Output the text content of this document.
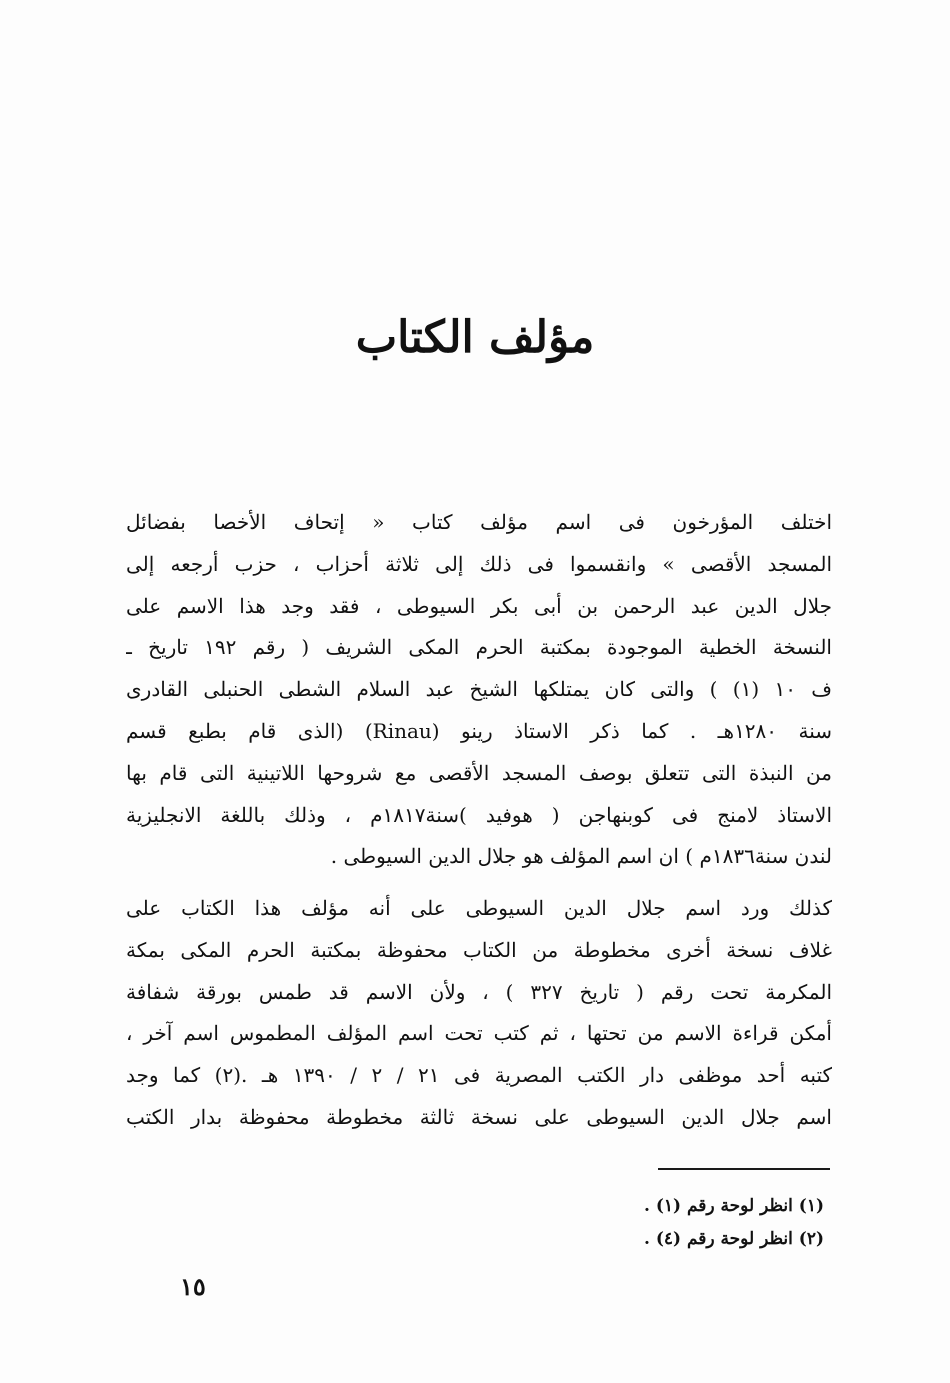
مؤلف الكتاب
اختلف المؤرخون فى اسم مؤلف كتاب « إتحاف الأخصا بفضائل
المسجد الأقصى » وانقسموا فى ذلك إلى ثلاثة أحزاب ، حزب أرجعه إلى
جلال الدين عبد الرحمن بن أبى بكر السيوطى ، فقد وجد هذا الاسم على
النسخة الخطية الموجودة بمكتبة الحرم المكى الشريف ( رقم ١٩٢ تاريخ ـ
ف ١٠ (١) ) والتى كان يمتلكها الشيخ عبد السلام الشطى الحنبلى القادرى
سنة ١٢٨٠هـ . كما ذكر الاستاذ رينو (Rinau) (الذى قام بطبع قسم
من النبذة التى تتعلق بوصف المسجد الأقصى مع شروحها اللاتينية التى قام بها
الاستاذ لامنج فى كوبنهاجن ( هوفيد )سنة١٨١٧م ، وذلك باللغة الانجليزية
لندن سنة١٨٣٦م ) ان اسم المؤلف هو جلال الدين السيوطى .
كذلك ورد اسم جلال الدين السيوطى على أنه مؤلف هذا الكتاب على
غلاف نسخة أخرى مخطوطة من الكتاب محفوظة بمكتبة الحرم المكى بمكة
المكرمة تحت رقم ( تاريخ ٣٢٧ ) ، ولأن الاسم قد طمس بورقة شفافة
أمكن قراءة الاسم من تحتها ، ثم كتب تحت اسم المؤلف المطموس اسم آخر ،
كتبه أحد موظفى دار الكتب المصرية فى ٢١ / ٢ / ١٣٩٠ هـ .(٢) كما وجد
اسم جلال الدين السيوطى على نسخة ثالثة مخطوطة محفوظة بدار الكتب
(١) انظر لوحة رقم (١) .
(٢) انظر لوحة رقم (٤) .
١٥
